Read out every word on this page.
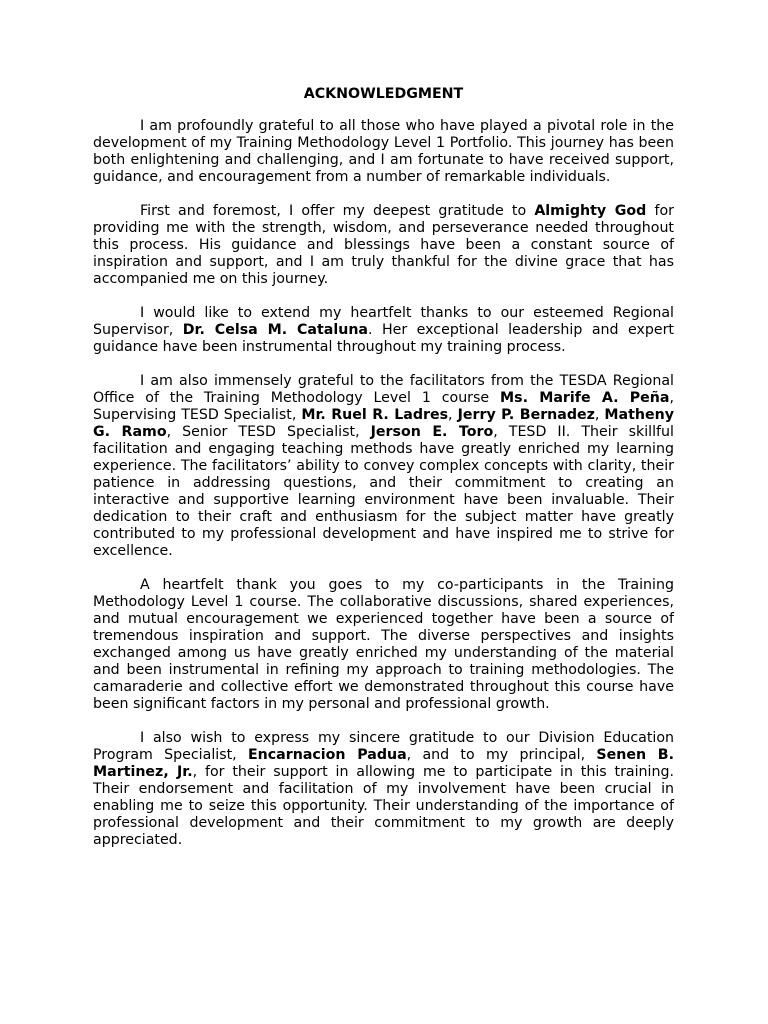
ACKNOWLEDGMENT

I am profoundly grateful to all those who have played a pivotal role in the development of my Training Methodology Level 1 Portfolio. This journey has been both enlightening and challenging, and I am fortunate to have received support, guidance, and encouragement from a number of remarkable individuals.

First and foremost, I offer my deepest gratitude to Almighty God for providing me with the strength, wisdom, and perseverance needed throughout this process. His guidance and blessings have been a constant source of inspiration and support, and I am truly thankful for the divine grace that has accompanied me on this journey.

I would like to extend my heartfelt thanks to our esteemed Regional Supervisor, Dr. Celsa M. Cataluna. Her exceptional leadership and expert guidance have been instrumental throughout my training process.

I am also immensely grateful to the facilitators from the TESDA Regional Office of the Training Methodology Level 1 course Ms. Marife A. Peña, Supervising TESD Specialist, Mr. Ruel R. Ladres, Jerry P. Bernadez, Matheny G. Ramo, Senior TESD Specialist, Jerson E. Toro, TESD II. Their skillful facilitation and engaging teaching methods have greatly enriched my learning experience. The facilitators’ ability to convey complex concepts with clarity, their patience in addressing questions, and their commitment to creating an interactive and supportive learning environment have been invaluable. Their dedication to their craft and enthusiasm for the subject matter have greatly contributed to my professional development and have inspired me to strive for excellence.

A heartfelt thank you goes to my co-participants in the Training Methodology Level 1 course. The collaborative discussions, shared experiences, and mutual encouragement we experienced together have been a source of tremendous inspiration and support. The diverse perspectives and insights exchanged among us have greatly enriched my understanding of the material and been instrumental in refining my approach to training methodologies. The camaraderie and collective effort we demonstrated throughout this course have been significant factors in my personal and professional growth.

I also wish to express my sincere gratitude to our Division Education Program Specialist, Encarnacion Padua, and to my principal, Senen B. Martinez, Jr., for their support in allowing me to participate in this training. Their endorsement and facilitation of my involvement have been crucial in enabling me to seize this opportunity. Their understanding of the importance of professional development and their commitment to my growth are deeply appreciated.
